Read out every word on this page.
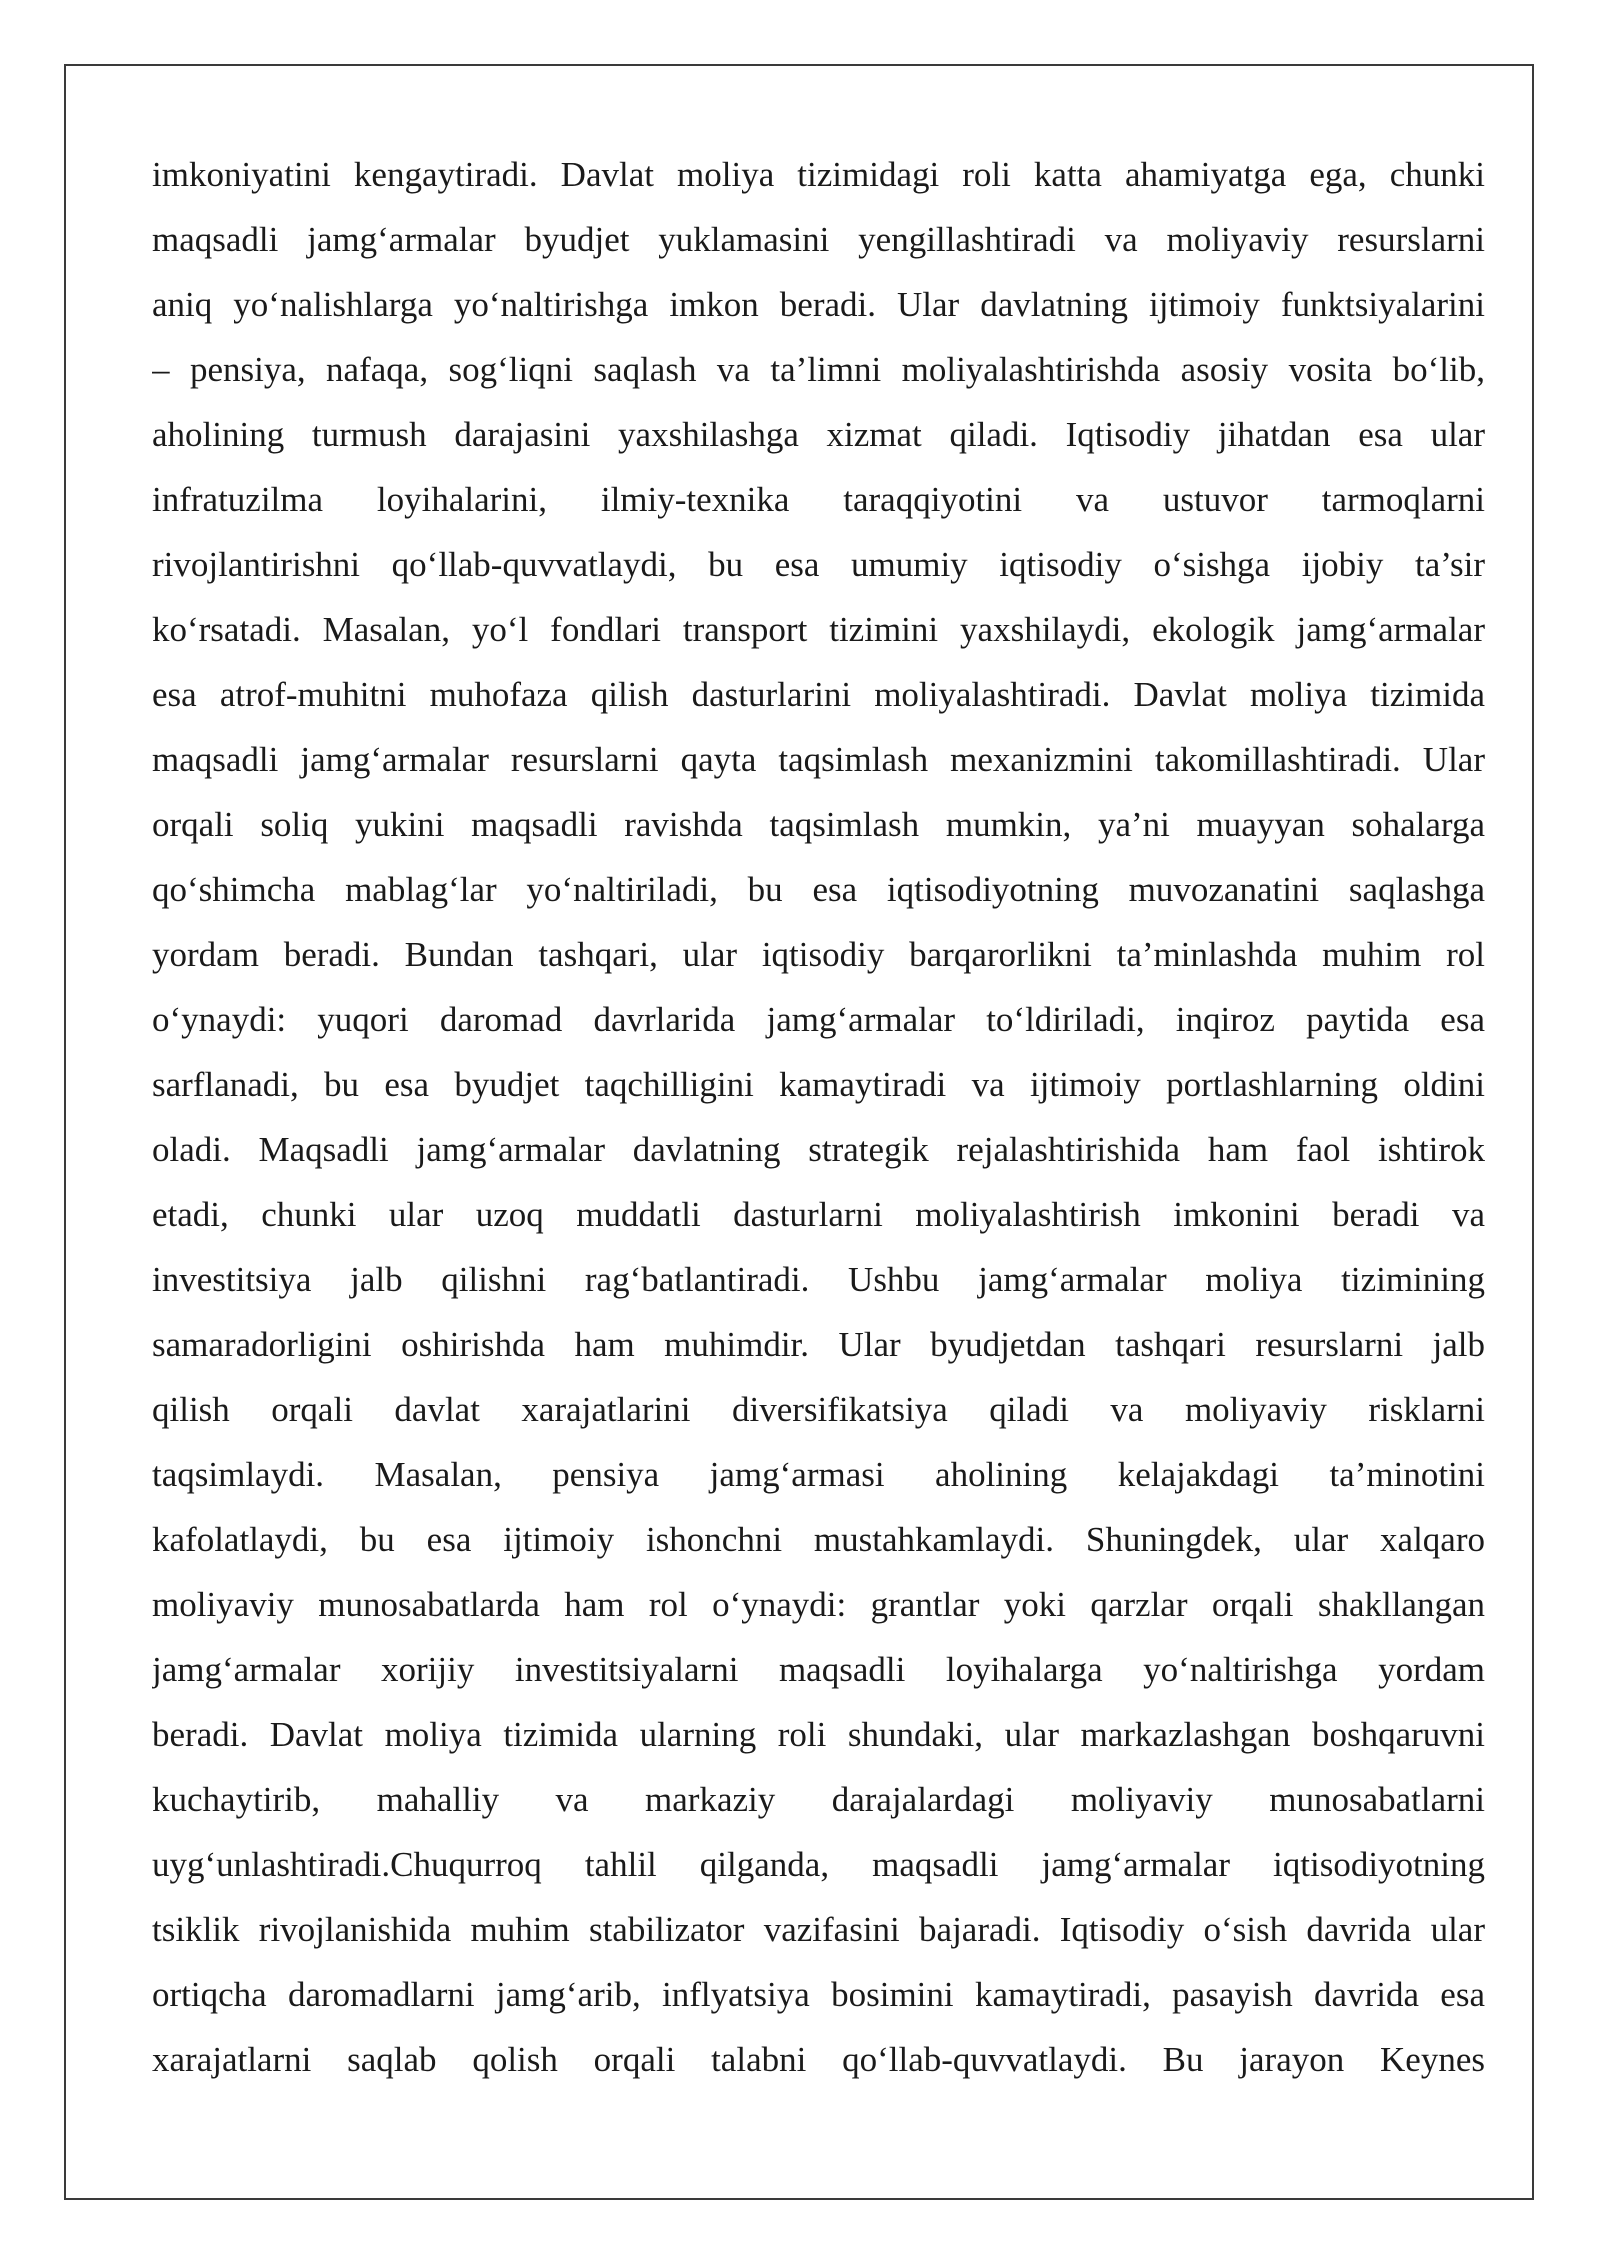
imkoniyatini kengaytiradi. Davlat moliya tizimidagi roli katta ahamiyatga ega, chunki
maqsadli jamg‘armalar byudjet yuklamasini yengillashtiradi va moliyaviy resurslarni
aniq yo‘nalishlarga yo‘naltirishga imkon beradi. Ular davlatning ijtimoiy funktsiyalarini
– pensiya, nafaqa, sog‘liqni saqlash va ta’limni moliyalashtirishda asosiy vosita bo‘lib,
aholining turmush darajasini yaxshilashga xizmat qiladi. Iqtisodiy jihatdan esa ular
infratuzilma loyihalarini, ilmiy-texnika taraqqiyotini va ustuvor tarmoqlarni
rivojlantirishni qo‘llab-quvvatlaydi, bu esa umumiy iqtisodiy o‘sishga ijobiy ta’sir
ko‘rsatadi. Masalan, yo‘l fondlari transport tizimini yaxshilaydi, ekologik jamg‘armalar
esa atrof-muhitni muhofaza qilish dasturlarini moliyalashtiradi. Davlat moliya tizimida
maqsadli jamg‘armalar resurslarni qayta taqsimlash mexanizmini takomillashtiradi. Ular
orqali soliq yukini maqsadli ravishda taqsimlash mumkin, ya’ni muayyan sohalarga
qo‘shimcha mablag‘lar yo‘naltiriladi, bu esa iqtisodiyotning muvozanatini saqlashga
yordam beradi. Bundan tashqari, ular iqtisodiy barqarorlikni ta’minlashda muhim rol
o‘ynaydi: yuqori daromad davrlarida jamg‘armalar to‘ldiriladi, inqiroz paytida esa
sarflanadi, bu esa byudjet taqchilligini kamaytiradi va ijtimoiy portlashlarning oldini
oladi. Maqsadli jamg‘armalar davlatning strategik rejalashtirishida ham faol ishtirok
etadi, chunki ular uzoq muddatli dasturlarni moliyalashtirish imkonini beradi va
investitsiya jalb qilishni rag‘batlantiradi. Ushbu jamg‘armalar moliya tizimining
samaradorligini oshirishda ham muhimdir. Ular byudjetdan tashqari resurslarni jalb
qilish orqali davlat xarajatlarini diversifikatsiya qiladi va moliyaviy risklarni
taqsimlaydi. Masalan, pensiya jamg‘armasi aholining kelajakdagi ta’minotini
kafolatlaydi, bu esa ijtimoiy ishonchni mustahkamlaydi. Shuningdek, ular xalqaro
moliyaviy munosabatlarda ham rol o‘ynaydi: grantlar yoki qarzlar orqali shakllangan
jamg‘armalar xorijiy investitsiyalarni maqsadli loyihalarga yo‘naltirishga yordam
beradi. Davlat moliya tizimida ularning roli shundaki, ular markazlashgan boshqaruvni
kuchaytirib, mahalliy va markaziy darajalardagi moliyaviy munosabatlarni
uyg‘unlashtiradi.Chuqurroq tahlil qilganda, maqsadli jamg‘armalar iqtisodiyotning
tsiklik rivojlanishida muhim stabilizator vazifasini bajaradi. Iqtisodiy o‘sish davrida ular
ortiqcha daromadlarni jamg‘arib, inflyatsiya bosimini kamaytiradi, pasayish davrida esa
xarajatlarni saqlab qolish orqali talabni qo‘llab-quvvatlaydi. Bu jarayon Keynes
